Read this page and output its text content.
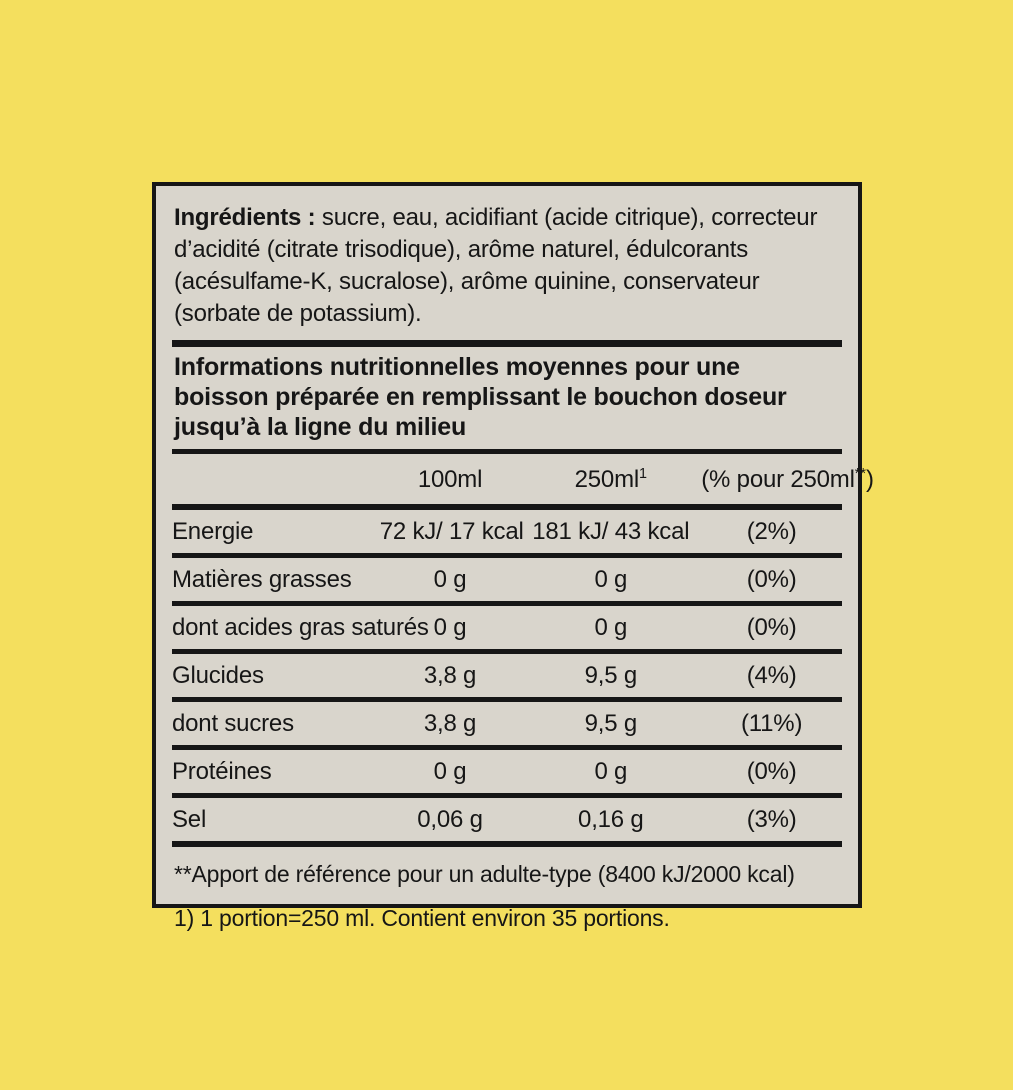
Ingrédients : sucre, eau, acidifiant (acide citrique), correcteur d’acidité (citrate trisodique), arôme naturel, édulcorants (acésulfame-K, sucralose), arôme quinine, conservateur (sorbate de potassium).

Informations nutritionnelles moyennes pour une boisson préparée en remplissant le bouchon doseur jusqu’à la ligne du milieu
	100ml	$250ml^1$	(% pour 250ml**)
Energie	72 kJ/ 17 kcal	181 kJ/ 43 kcal	(2%)
Matières grasses	0 g	0 g	(0%)
dont acides gras saturés	0 g	0 g	(0%)
Glucides	3,8 g	9,5 g	(4%)
dont sucres	3,8 g	9,5 g	(11%)
Protéines	0 g	0 g	(0%)
Sel	0,06 g	0,16 g	(3%)
**Apport de référence pour un adulte-type (8400 kJ/2000 kcal)
1) 1 portion=250 ml. Contient environ 35 portions.
